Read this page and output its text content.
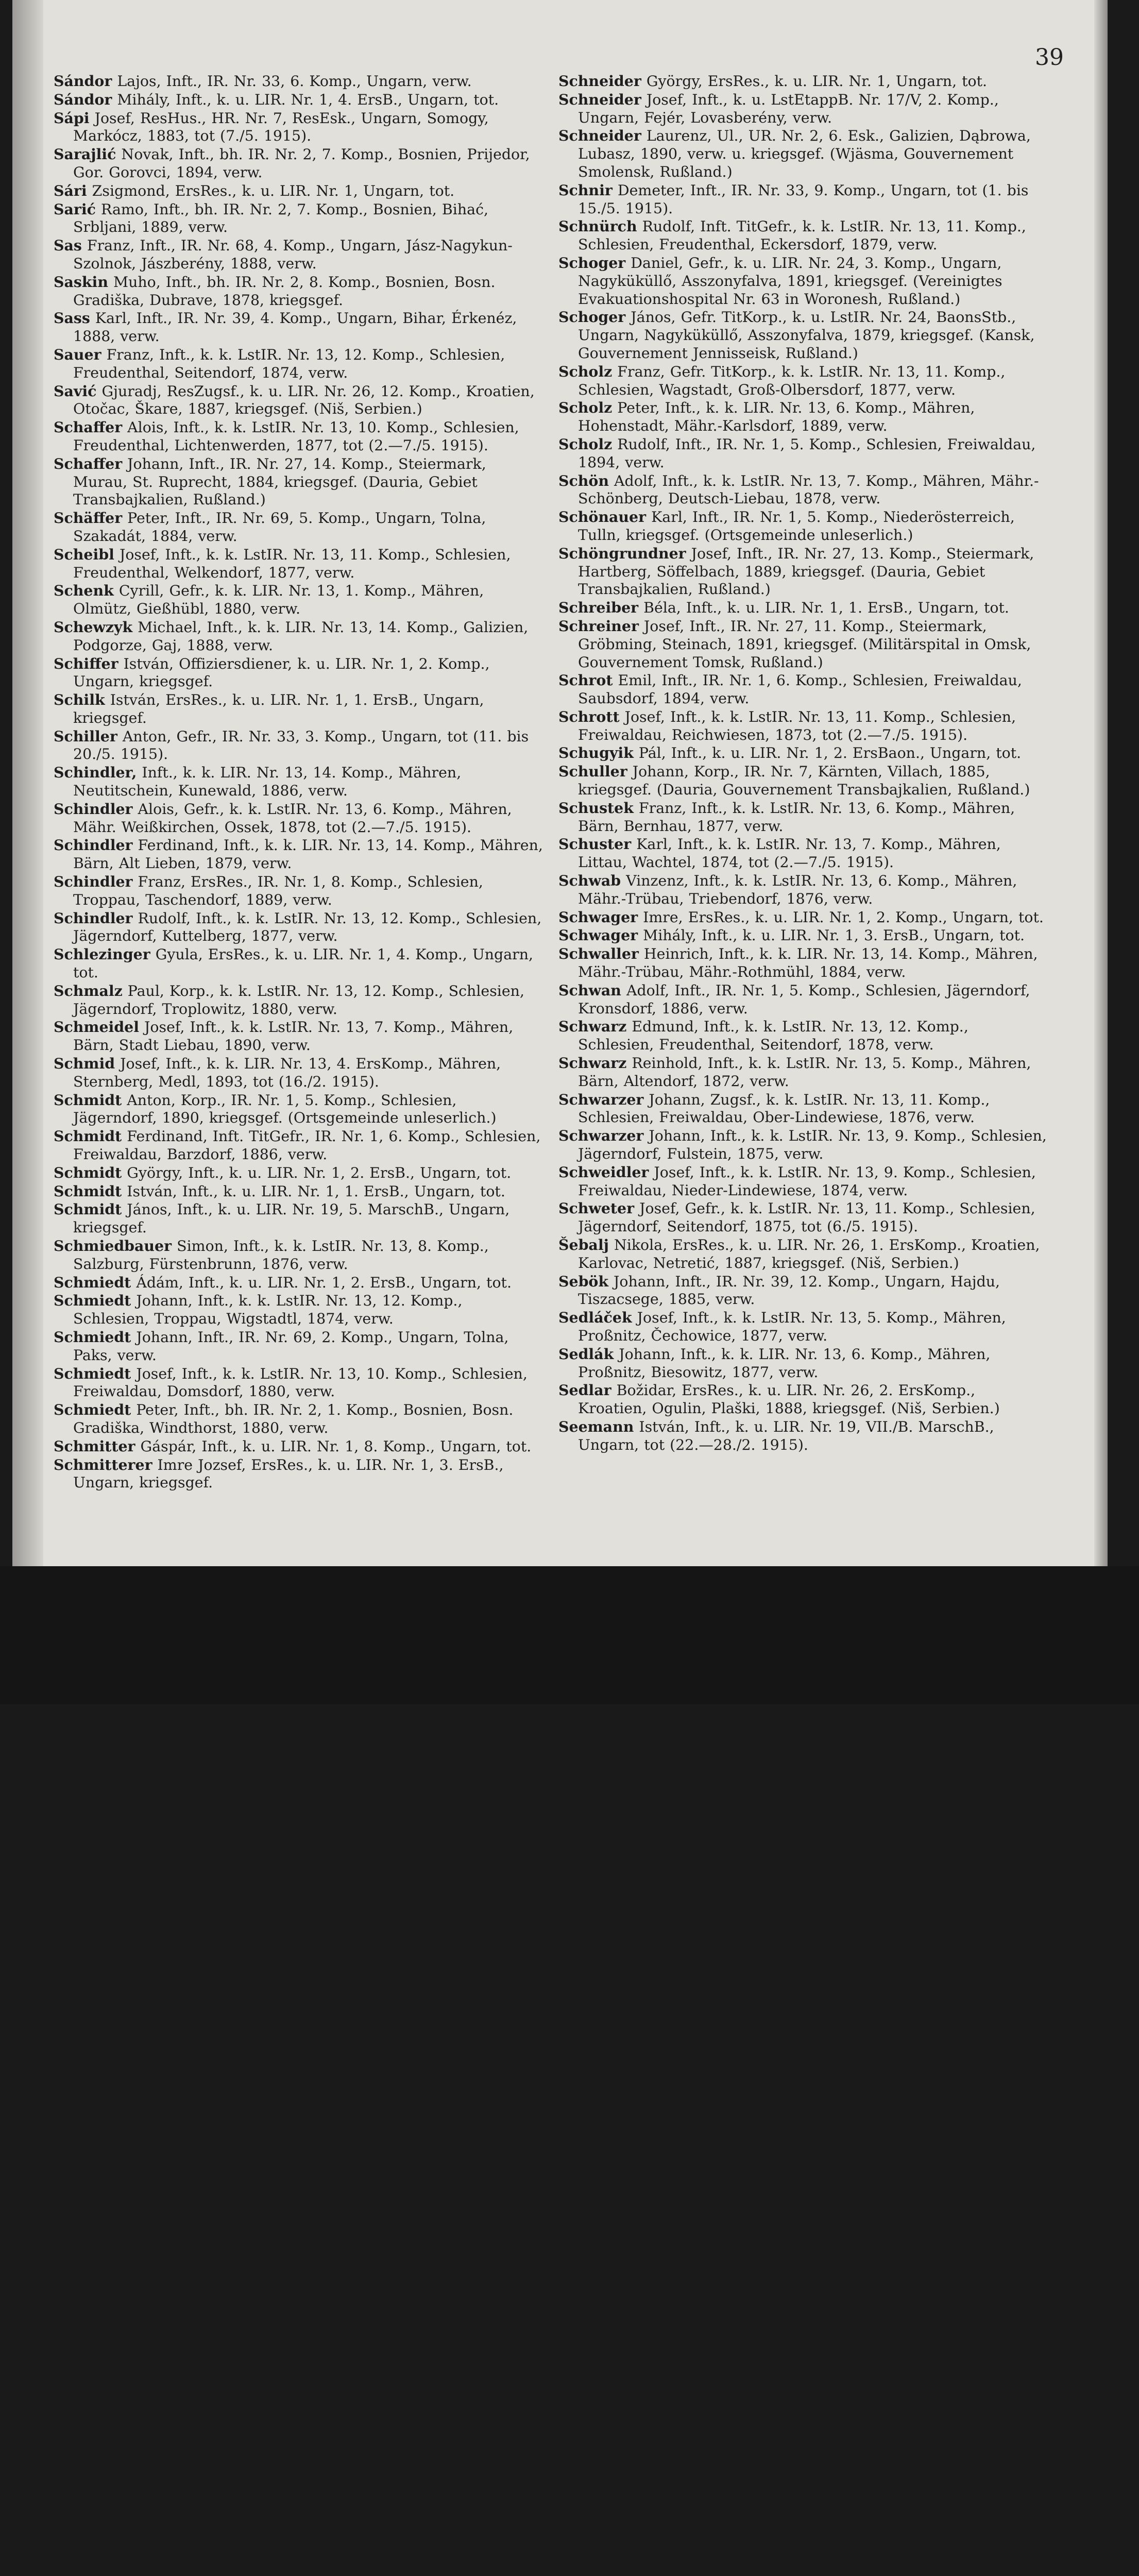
39

Sándor Lajos, Inft., IR. Nr. 33, 6. Komp., Ungarn, verw.

Sándor Mihály, Inft., k. u. LIR. Nr. 1, 4. ErsB., Ungarn, tot.

Sápi Josef, ResHus., HR. Nr. 7, ResEsk., Ungarn, Somogy, Markócz, 1883, tot (7./5. 1915).

Sarajlić Novak, Inft., bh. IR. Nr. 2, 7. Komp., Bosnien, Prijedor, Gor. Gorovci, 1894, verw.

Sári Zsigmond, ErsRes., k. u. LIR. Nr. 1, Ungarn, tot.

Sarić Ramo, Inft., bh. IR. Nr. 2, 7. Komp., Bosnien, Bihać, Srbljani, 1889, verw.

Sas Franz, Inft., IR. Nr. 68, 4. Komp., Ungarn, Jász-Nagykun-Szolnok, Jászberény, 1888, verw.

Saskin Muho, Inft., bh. IR. Nr. 2, 8. Komp., Bosnien, Bosn. Gradiška, Dubrave, 1878, kriegsgef.

Sass Karl, Inft., IR. Nr. 39, 4. Komp., Ungarn, Bihar, Érkenéz, 1888, verw.

Sauer Franz, Inft., k. k. LstIR. Nr. 13, 12. Komp., Schlesien, Freudenthal, Seitendorf, 1874, verw.

Savić Gjuradj, ResZugsf., k. u. LIR. Nr. 26, 12. Komp., Kroatien, Otočac, Škare, 1887, kriegsgef. (Niš, Serbien.)

Schaffer Alois, Inft., k. k. LstIR. Nr. 13, 10. Komp., Schlesien, Freudenthal, Lichtenwerden, 1877, tot (2.—7./5. 1915).

Schaffer Johann, Inft., IR. Nr. 27, 14. Komp., Steiermark, Murau, St. Ruprecht, 1884, kriegsgef. (Dauria, Gebiet Transbajkalien, Rußland.)

Schäffer Peter, Inft., IR. Nr. 69, 5. Komp., Ungarn, Tolna, Szakadát, 1884, verw.

Scheibl Josef, Inft., k. k. LstIR. Nr. 13, 11. Komp., Schlesien, Freudenthal, Welkendorf, 1877, verw.

Schenk Cyrill, Gefr., k. k. LIR. Nr. 13, 1. Komp., Mähren, Olmütz, Gießhübl, 1880, verw.

Schewzyk Michael, Inft., k. k. LIR. Nr. 13, 14. Komp., Galizien, Podgorze, Gaj, 1888, verw.

Schiffer István, Offiziersdiener, k. u. LIR. Nr. 1, 2. Komp., Ungarn, kriegsgef.

Schilk István, ErsRes., k. u. LIR. Nr. 1, 1. ErsB., Ungarn, kriegsgef.

Schiller Anton, Gefr., IR. Nr. 33, 3. Komp., Ungarn, tot (11. bis 20./5. 1915).

Schindler, Inft., k. k. LIR. Nr. 13, 14. Komp., Mähren, Neutitschein, Kunewald, 1886, verw.

Schindler Alois, Gefr., k. k. LstIR. Nr. 13, 6. Komp., Mähren, Mähr. Weißkirchen, Ossek, 1878, tot (2.—7./5. 1915).

Schindler Ferdinand, Inft., k. k. LIR. Nr. 13, 14. Komp., Mähren, Bärn, Alt Lieben, 1879, verw.

Schindler Franz, ErsRes., IR. Nr. 1, 8. Komp., Schlesien, Troppau, Taschendorf, 1889, verw.

Schindler Rudolf, Inft., k. k. LstIR. Nr. 13, 12. Komp., Schlesien, Jägerndorf, Kuttelberg, 1877, verw.

Schlezinger Gyula, ErsRes., k. u. LIR. Nr. 1, 4. Komp., Ungarn, tot.

Schmalz Paul, Korp., k. k. LstIR. Nr. 13, 12. Komp., Schlesien, Jägerndorf, Troplowitz, 1880, verw.

Schmeidel Josef, Inft., k. k. LstIR. Nr. 13, 7. Komp., Mähren, Bärn, Stadt Liebau, 1890, verw.

Schmid Josef, Inft., k. k. LIR. Nr. 13, 4. ErsKomp., Mähren, Sternberg, Medl, 1893, tot (16./2. 1915).

Schmidt Anton, Korp., IR. Nr. 1, 5. Komp., Schlesien, Jägerndorf, 1890, kriegsgef. (Ortsgemeinde unleserlich.)

Schmidt Ferdinand, Inft. TitGefr., IR. Nr. 1, 6. Komp., Schlesien, Freiwaldau, Barzdorf, 1886, verw.

Schmidt György, Inft., k. u. LIR. Nr. 1, 2. ErsB., Ungarn, tot.

Schmidt István, Inft., k. u. LIR. Nr. 1, 1. ErsB., Ungarn, tot.

Schmidt János, Inft., k. u. LIR. Nr. 19, 5. MarschB., Ungarn, kriegsgef.

Schmiedbauer Simon, Inft., k. k. LstIR. Nr. 13, 8. Komp., Salzburg, Fürstenbrunn, 1876, verw.

Schmiedt Ádám, Inft., k. u. LIR. Nr. 1, 2. ErsB., Ungarn, tot.

Schmiedt Johann, Inft., k. k. LstIR. Nr. 13, 12. Komp., Schlesien, Troppau, Wigstadtl, 1874, verw.

Schmiedt Johann, Inft., IR. Nr. 69, 2. Komp., Ungarn, Tolna, Paks, verw.

Schmiedt Josef, Inft., k. k. LstIR. Nr. 13, 10. Komp., Schlesien, Freiwaldau, Domsdorf, 1880, verw.

Schmiedt Peter, Inft., bh. IR. Nr. 2, 1. Komp., Bosnien, Bosn. Gradiška, Windthorst, 1880, verw.

Schmitter Gáspár, Inft., k. u. LIR. Nr. 1, 8. Komp., Ungarn, tot.

Schmitterer Imre Jozsef, ErsRes., k. u. LIR. Nr. 1, 3. ErsB., Ungarn, kriegsgef.

Schneider György, ErsRes., k. u. LIR. Nr. 1, Ungarn, tot.

Schneider Josef, Inft., k. u. LstEtappB. Nr. 17/V, 2. Komp., Ungarn, Fejér, Lovasberény, verw.

Schneider Laurenz, Ul., UR. Nr. 2, 6. Esk., Galizien, Dąbrowa, Lubasz, 1890, verw. u. kriegsgef. (Wjäsma, Gouvernement Smolensk, Rußland.)

Schnir Demeter, Inft., IR. Nr. 33, 9. Komp., Ungarn, tot (1. bis 15./5. 1915).

Schnürch Rudolf, Inft. TitGefr., k. k. LstIR. Nr. 13, 11. Komp., Schlesien, Freudenthal, Eckersdorf, 1879, verw.

Schoger Daniel, Gefr., k. u. LIR. Nr. 24, 3. Komp., Ungarn, Nagyküküllő, Asszonyfalva, 1891, kriegsgef. (Vereinigtes Evakuationshospital Nr. 63 in Woronesh, Rußland.)

Schoger János, Gefr. TitKorp., k. u. LstIR. Nr. 24, BaonsStb., Ungarn, Nagyküküllő, Asszonyfalva, 1879, kriegsgef. (Kansk, Gouvernement Jennisseisk, Rußland.)

Scholz Franz, Gefr. TitKorp., k. k. LstIR. Nr. 13, 11. Komp., Schlesien, Wagstadt, Groß-Olbersdorf, 1877, verw.

Scholz Peter, Inft., k. k. LIR. Nr. 13, 6. Komp., Mähren, Hohenstadt, Mähr.-Karlsdorf, 1889, verw.

Scholz Rudolf, Inft., IR. Nr. 1, 5. Komp., Schlesien, Freiwaldau, 1894, verw.

Schön Adolf, Inft., k. k. LstIR. Nr. 13, 7. Komp., Mähren, Mähr.-Schönberg, Deutsch-Liebau, 1878, verw.

Schönauer Karl, Inft., IR. Nr. 1, 5. Komp., Niederösterreich, Tulln, kriegsgef. (Ortsgemeinde unleserlich.)

Schöngrundner Josef, Inft., IR. Nr. 27, 13. Komp., Steiermark, Hartberg, Söffelbach, 1889, kriegsgef. (Dauria, Gebiet Transbajkalien, Rußland.)

Schreiber Béla, Inft., k. u. LIR. Nr. 1, 1. ErsB., Ungarn, tot.

Schreiner Josef, Inft., IR. Nr. 27, 11. Komp., Steiermark, Gröbming, Steinach, 1891, kriegsgef. (Militärspital in Omsk, Gouvernement Tomsk, Rußland.)

Schrot Emil, Inft., IR. Nr. 1, 6. Komp., Schlesien, Freiwaldau, Saubsdorf, 1894, verw.

Schrott Josef, Inft., k. k. LstIR. Nr. 13, 11. Komp., Schlesien, Freiwaldau, Reichwiesen, 1873, tot (2.—7./5. 1915).

Schugyik Pál, Inft., k. u. LIR. Nr. 1, 2. ErsBaon., Ungarn, tot.

Schuller Johann, Korp., IR. Nr. 7, Kärnten, Villach, 1885, kriegsgef. (Dauria, Gouvernement Transbajkalien, Rußland.)

Schustek Franz, Inft., k. k. LstIR. Nr. 13, 6. Komp., Mähren, Bärn, Bernhau, 1877, verw.

Schuster Karl, Inft., k. k. LstIR. Nr. 13, 7. Komp., Mähren, Littau, Wachtel, 1874, tot (2.—7./5. 1915).

Schwab Vinzenz, Inft., k. k. LstIR. Nr. 13, 6. Komp., Mähren, Mähr.-Trübau, Triebendorf, 1876, verw.

Schwager Imre, ErsRes., k. u. LIR. Nr. 1, 2. Komp., Ungarn, tot.

Schwager Mihály, Inft., k. u. LIR. Nr. 1, 3. ErsB., Ungarn, tot.

Schwaller Heinrich, Inft., k. k. LIR. Nr. 13, 14. Komp., Mähren, Mähr.-Trübau, Mähr.-Rothmühl, 1884, verw.

Schwan Adolf, Inft., IR. Nr. 1, 5. Komp., Schlesien, Jägerndorf, Kronsdorf, 1886, verw.

Schwarz Edmund, Inft., k. k. LstIR. Nr. 13, 12. Komp., Schlesien, Freudenthal, Seitendorf, 1878, verw.

Schwarz Reinhold, Inft., k. k. LstIR. Nr. 13, 5. Komp., Mähren, Bärn, Altendorf, 1872, verw.

Schwarzer Johann, Zugsf., k. k. LstIR. Nr. 13, 11. Komp., Schlesien, Freiwaldau, Ober-Lindewiese, 1876, verw.

Schwarzer Johann, Inft., k. k. LstIR. Nr. 13, 9. Komp., Schlesien, Jägerndorf, Fulstein, 1875, verw.

Schweidler Josef, Inft., k. k. LstIR. Nr. 13, 9. Komp., Schlesien, Freiwaldau, Nieder-Lindewiese, 1874, verw.

Schweter Josef, Gefr., k. k. LstIR. Nr. 13, 11. Komp., Schlesien, Jägerndorf, Seitendorf, 1875, tot (6./5. 1915).

Šebalj Nikola, ErsRes., k. u. LIR. Nr. 26, 1. ErsKomp., Kroatien, Karlovac, Netretić, 1887, kriegsgef. (Niš, Serbien.)

Sebök Johann, Inft., IR. Nr. 39, 12. Komp., Ungarn, Hajdu, Tiszacsege, 1885, verw.

Sedláček Josef, Inft., k. k. LstIR. Nr. 13, 5. Komp., Mähren, Proßnitz, Čechowice, 1877, verw.

Sedlák Johann, Inft., k. k. LIR. Nr. 13, 6. Komp., Mähren, Proßnitz, Biesowitz, 1877, verw.

Sedlar Božidar, ErsRes., k. u. LIR. Nr. 26, 2. ErsKomp., Kroatien, Ogulin, Plaški, 1888, kriegsgef. (Niš, Serbien.)

Seemann István, Inft., k. u. LIR. Nr. 19, VII./B. MarschB., Ungarn, tot (22.—28./2. 1915).
